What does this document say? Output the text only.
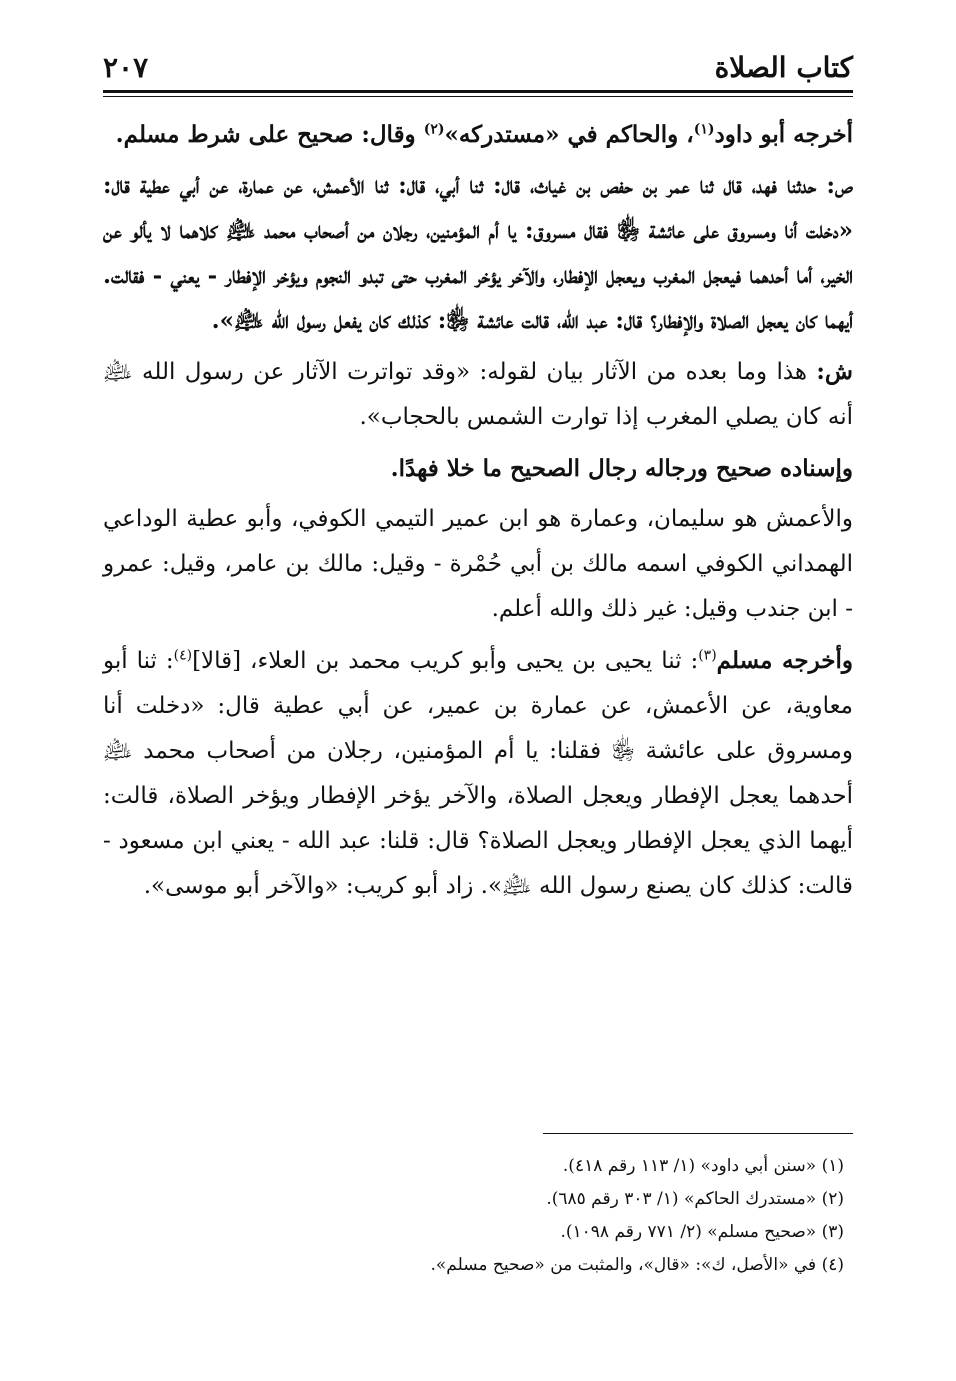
كتاب الصلاة
٢٠٧

أخرجه أبو داود$^{(١)}$، والحاكم في «مستدركه»$^{(٢)}$ وقال: صحيح على شرط مسلم.

ص: حدثنا فهد، قال ثنا عمر بن حفص بن غياث، قال: ثنا أبي، قال: ثنا الأعمش، عن عمارة، عن أبي عطية قال: «دخلت أنا ومسروق على عائشة ﵂ فقال مسروق: يا أم المؤمنين، رجلان من أصحاب محمد ﵇ كلاهما لا يألو عن الخير، أما أحدهما فيعجل المغرب ويعجل الإفطار، والآخر يؤخر المغرب حتى تبدو النجوم ويؤخر الإفطار - يعني - فقالت. أيهما كان يعجل الصلاة والإفطار؟ قال: عبد الله، قالت عائشة ﵂: كذلك كان يفعل رسول الله ﵇».

ش: هذا وما بعده من الآثار بيان لقوله: «وقد تواترت الآثار عن رسول الله ﵇ أنه كان يصلي المغرب إذا توارت الشمس بالحجاب».

وإسناده صحيح ورجاله رجال الصحيح ما خلا فهدًا.

والأعمش هو سليمان، وعمارة هو ابن عمير التيمي الكوفي، وأبو عطية الوداعي الهمداني الكوفي اسمه مالك بن أبي حُمْرة - وقيل: مالك بن عامر، وقيل: عمرو - ابن جندب وقيل: غير ذلك والله أعلم.

وأخرجه مسلم$^{(٣)}$: ثنا يحيى بن يحيى وأبو كريب محمد بن العلاء، [قالا]$^{(٤)}$: ثنا أبو معاوية، عن الأعمش، عن عمارة بن عمير، عن أبي عطية قال: «دخلت أنا ومسروق على عائشة ﵂ فقلنا: يا أم المؤمنين، رجلان من أصحاب محمد ﵇ أحدهما يعجل الإفطار ويعجل الصلاة، والآخر يؤخر الإفطار ويؤخر الصلاة، قالت: أيهما الذي يعجل الإفطار ويعجل الصلاة؟ قال: قلنا: عبد الله - يعني ابن مسعود - قالت: كذلك كان يصنع رسول الله ﵇». زاد أبو كريب: «والآخر أبو موسى».

(١) «سنن أبي داود» (١/ ١١٣ رقم ٤١٨).
(٢) «مستدرك الحاكم» (١/ ٣٠٣ رقم ٦٨٥).
(٣) «صحيح مسلم» (٢/ ٧٧١ رقم ١٠٩٨).
(٤) في «الأصل، ك»: «قال»، والمثبت من «صحيح مسلم».
